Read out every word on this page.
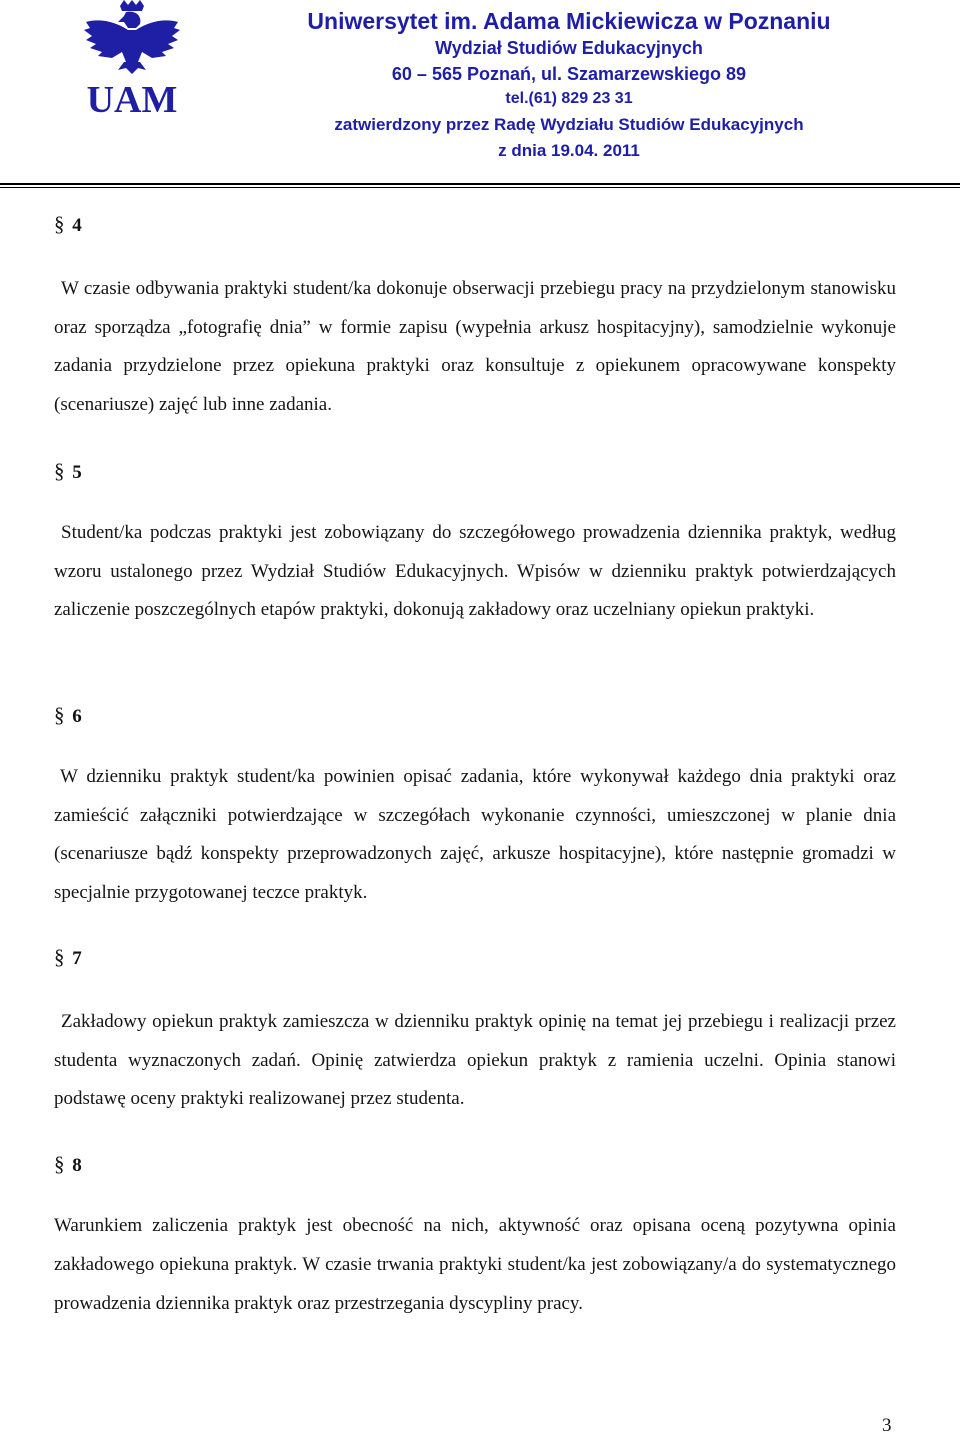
UAM
Uniwersytet im. Adama Mickiewicza w Poznaniu
Wydział Studiów Edukacyjnych
60 – 565 Poznań, ul. Szamarzewskiego 89
tel.(61) 829 23 31
zatwierdzony przez Radę Wydziału Studiów Edukacyjnych
z dnia 19.04. 2011
§ 4
W czasie odbywania praktyki student/ka dokonuje obserwacji przebiegu pracy na przydzielonym stanowisku oraz sporządza „fotografię dnia” w formie zapisu (wypełnia arkusz hospitacyjny), samodzielnie wykonuje zadania przydzielone przez opiekuna praktyki oraz konsultuje z opiekunem opracowywane konspekty (scenariusze) zajęć lub inne zadania.
§ 5
Student/ka podczas praktyki jest zobowiązany do szczegółowego prowadzenia dziennika praktyk, według wzoru ustalonego przez Wydział Studiów Edukacyjnych. Wpisów w dzienniku praktyk potwierdzających zaliczenie poszczególnych etapów praktyki, dokonują zakładowy oraz uczelniany opiekun praktyki.
§ 6
W dzienniku praktyk student/ka powinien opisać zadania, które wykonywał każdego dnia praktyki oraz zamieścić załączniki potwierdzające w szczegółach wykonanie czynności, umieszczonej w planie dnia (scenariusze bądź konspekty przeprowadzonych zajęć, arkusze hospitacyjne), które następnie gromadzi w specjalnie przygotowanej teczce praktyk.
§ 7
Zakładowy opiekun praktyk zamieszcza w dzienniku praktyk opinię na temat jej przebiegu i realizacji przez studenta wyznaczonych zadań. Opinię zatwierdza opiekun praktyk z ramienia uczelni. Opinia stanowi podstawę oceny praktyki realizowanej przez studenta.
§ 8
Warunkiem zaliczenia praktyk jest obecność na nich, aktywność oraz opisana oceną pozytywna opinia zakładowego opiekuna praktyk. W czasie trwania praktyki student/ka jest zobowiązany/a do systematycznego prowadzenia dziennika praktyk oraz przestrzegania dyscypliny pracy.
3
